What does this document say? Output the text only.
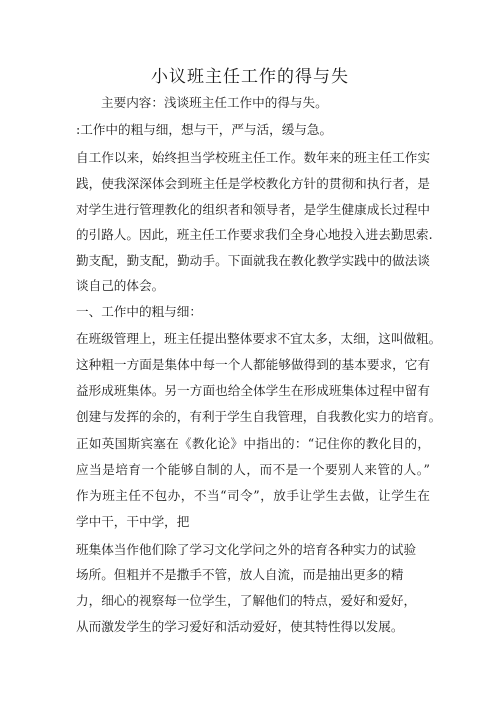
小议班主任工作的得与失
主要内容：浅谈班主任工作中的得与失。
:工作中的粗与细，想与干，严与活，缓与急。
自工作以来，始终担当学校班主任工作。数年来的班主任工作实
践，使我深深体会到班主任是学校教化方针的贯彻和执行者，是
对学生进行管理教化的组织者和领导者，是学生健康成长过程中
的引路人。因此，班主任工作要求我们全身心地投入进去勤思索.
勤支配，勤支配，勤动手。下面就我在教化教学实践中的做法谈
谈自己的体会。
一、工作中的粗与细：
在班级管理上，班主任提出整体要求不宜太多，太细，这叫做粗。
这种粗一方面是集体中每一个人都能够做得到的基本要求，它有
益形成班集体。另一方面也给全体学生在形成班集体过程中留有
创建与发挥的余的，有利于学生自我管理，自我教化实力的培育。
正如英国斯宾塞在《教化论》中指出的：“记住你的教化目的，
应当是培育一个能够自制的人，而不是一个要别人来管的人。”
作为班主任不包办，不当“司令”，放手让学生去做，让学生在
学中干，干中学，把
班集体当作他们除了学习文化学问之外的培育各种实力的试验
场所。但粗并不是撒手不管，放人自流，而是抽出更多的精
力，细心的视察每一位学生，了解他们的特点，爱好和爱好，
从而激发学生的学习爱好和活动爱好，使其特性得以发展。
